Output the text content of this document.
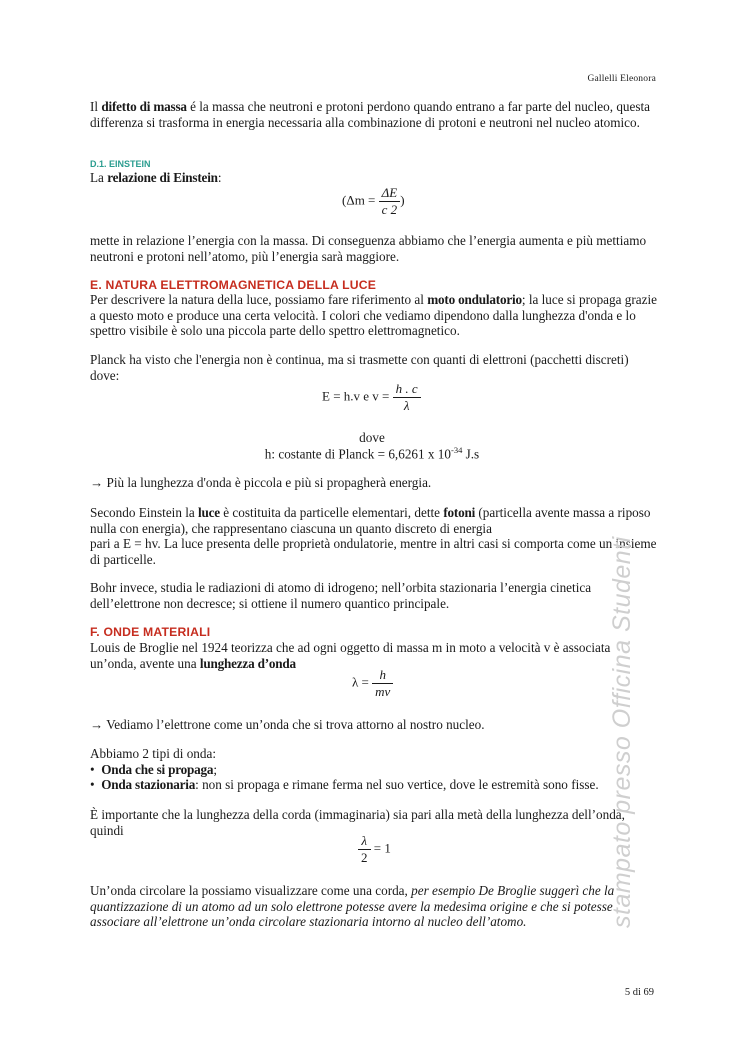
Gallelli Eleonora
Il difetto di massa é la massa che neutroni e protoni perdono quando entrano a far parte del nucleo, questa differenza si trasforma in energia necessaria alla combinazione di protoni e neutroni nel nucleo atomico.
D.1. EINSTEIN
La relazione di Einstein:
($\Delta m = \frac{\Delta E}{c 2}$ )
mette in relazione l’energia con la massa. Di conseguenza abbiamo che l’energia aumenta e più mettiamo neutroni e protoni nell’atomo, più l’energia sarà maggiore.
E. NATURA ELETTROMAGNETICA DELLA LUCE
Per descrivere la natura della luce, possiamo fare riferimento al moto ondulatorio; la luce si propaga grazie a questo moto e produce una certa velocità. I colori che vediamo dipendono dalla lunghezza d'onda e lo spettro visibile è solo una piccola parte dello spettro elettromagnetico.
Planck ha visto che l'energia non è continua, ma si trasmette con quanti di elettroni (pacchetti discreti) dove:
E = h.v e $v = \frac{h . c}{\lambda}$
dove
h: costante di Planck = 6,6261 x $10^{-34}$ J.s
→ Più la lunghezza d'onda è piccola e più si propagherà energia.
Secondo Einstein la luce è costituita da particelle elementari, dette fotoni (particella avente massa a riposo nulla con energia), che rappresentano ciascuna un quanto discreto di energia
pari a E = hv. La luce presenta delle proprietà ondulatorie, mentre in altri casi si comporta come un insieme di particelle.
Bohr invece, studia le radiazioni di atomo di idrogeno; nell’orbita stazionaria l’energia cinetica dell’elettrone non decresce; si ottiene il numero quantico principale.
F. ONDE MATERIALI
Louis de Broglie nel 1924 teorizza che ad ogni oggetto di massa m in moto a velocità v è associata un’onda, avente una lunghezza d’onda
$\lambda = \frac{h}{mv}$
→ Vediamo l’elettrone come un’onda che si trova attorno al nostro nucleo.
Abbiamo 2 tipi di onda:
• Onda che si propaga;
• Onda stazionaria: non si propaga e rimane ferma nel suo vertice, dove le estremità sono fisse.
È importante che la lunghezza della corda (immaginaria) sia pari alla metà della lunghezza dell’onda, quindi
$\frac{\lambda}{2} = 1$
Un’onda circolare la possiamo visualizzare come una corda, per esempio De Broglie suggerì che la quantizzazione di un atomo ad un solo elettrone potesse avere la medesima origine e che si potesse associare all’elettrone un’onda circolare stazionaria intorno al nucleo dell’atomo.	stampato presso Officina Studenti
5 di 69
